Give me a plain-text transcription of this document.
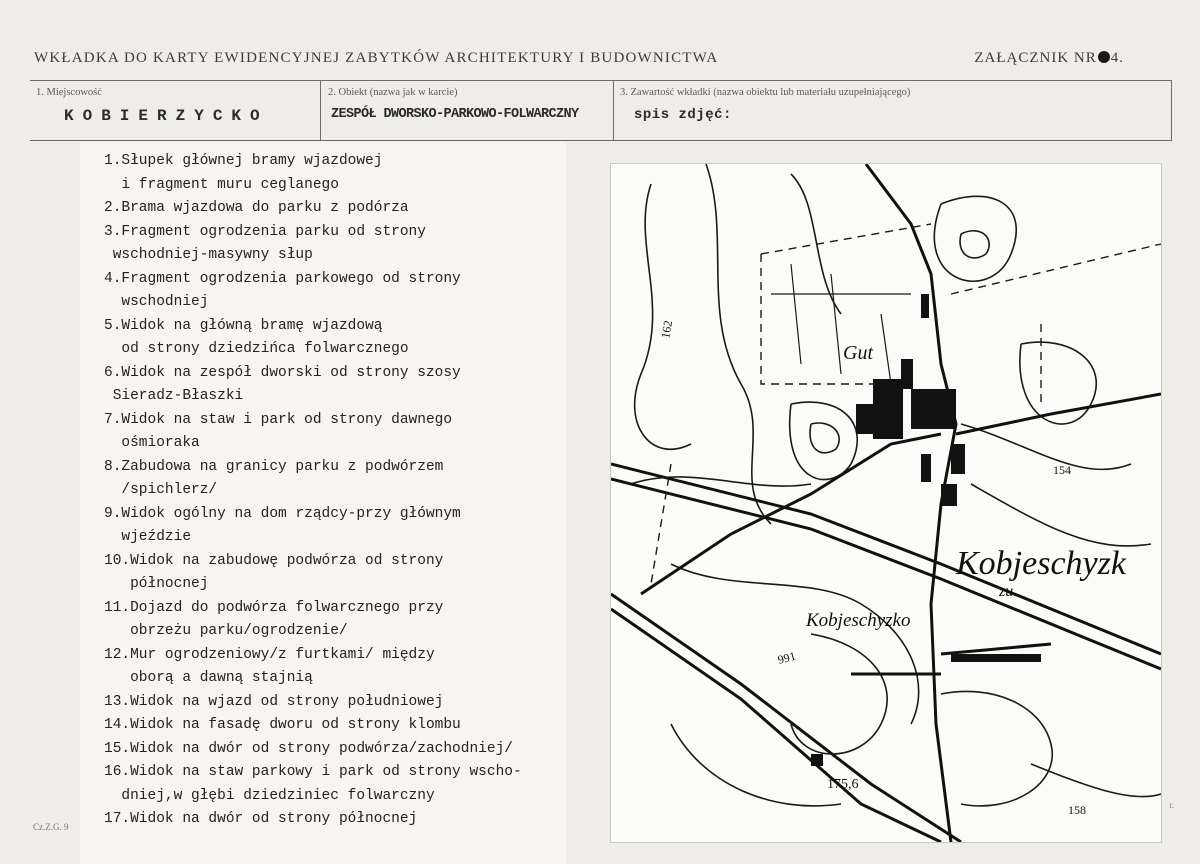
WKŁADKA DO KARTY EWIDENCYJNEJ ZABYTKÓW ARCHITEKTURY I BUDOWNICTWA	ZAŁĄCZNIK NR 4.
1. Miejscowość
KOBIERZYCKO
2. Obiekt (nazwa jak w karcie)
ZESPÓŁ DWORSKO-PARKOWO-FOLWARCZNY
3. Zawartość wkładki (nazwa obiektu lub materiału uzupełniającego)
spis zdjęć:
1.Słupek głównej bramy wjazdowej
i fragment muru ceglanego
2.Brama wjazdowa do parku z podórza
3.Fragment ogrodzenia parku od strony
wschodniej-masywny słup
4.Fragment ogrodzenia parkowego od strony
wschodniej
5.Widok na główną bramę wjazdową
od strony dziedzińca folwarcznego
6.Widok na zespół dworski od strony szosy
Sieradz-Błaszki
7.Widok na staw i park od strony dawnego
ośmioraka
8.Zabudowa na granicy parku z podwórzem
/spichlerz/
9.Widok ogólny na dom rządcy-przy głównym
wjeździe
10.Widok na zabudowę podwórza od strony
północnej
11.Dojazd do podwórza folwarcznego przy
obrzeżu parku/ogrodzenie/
12.Mur ogrodzeniowy/z furtkami/ między
oborą a dawną stajnią
13.Widok na wjazd od strony południowej
14.Widok na fasadę dworu od strony klombu
15.Widok na dwór od strony podwórza/zachodniej/
16.Widok na staw parkowy i park od strony wscho-
dniej,w głębi dziedziniec folwarczny
17.Widok na dwór od strony północnej
Gut
Kobjeschyzk
zu
Kobjeschyzko
162
154
991
175,6
158
Cz.Z.G. 9
r.
